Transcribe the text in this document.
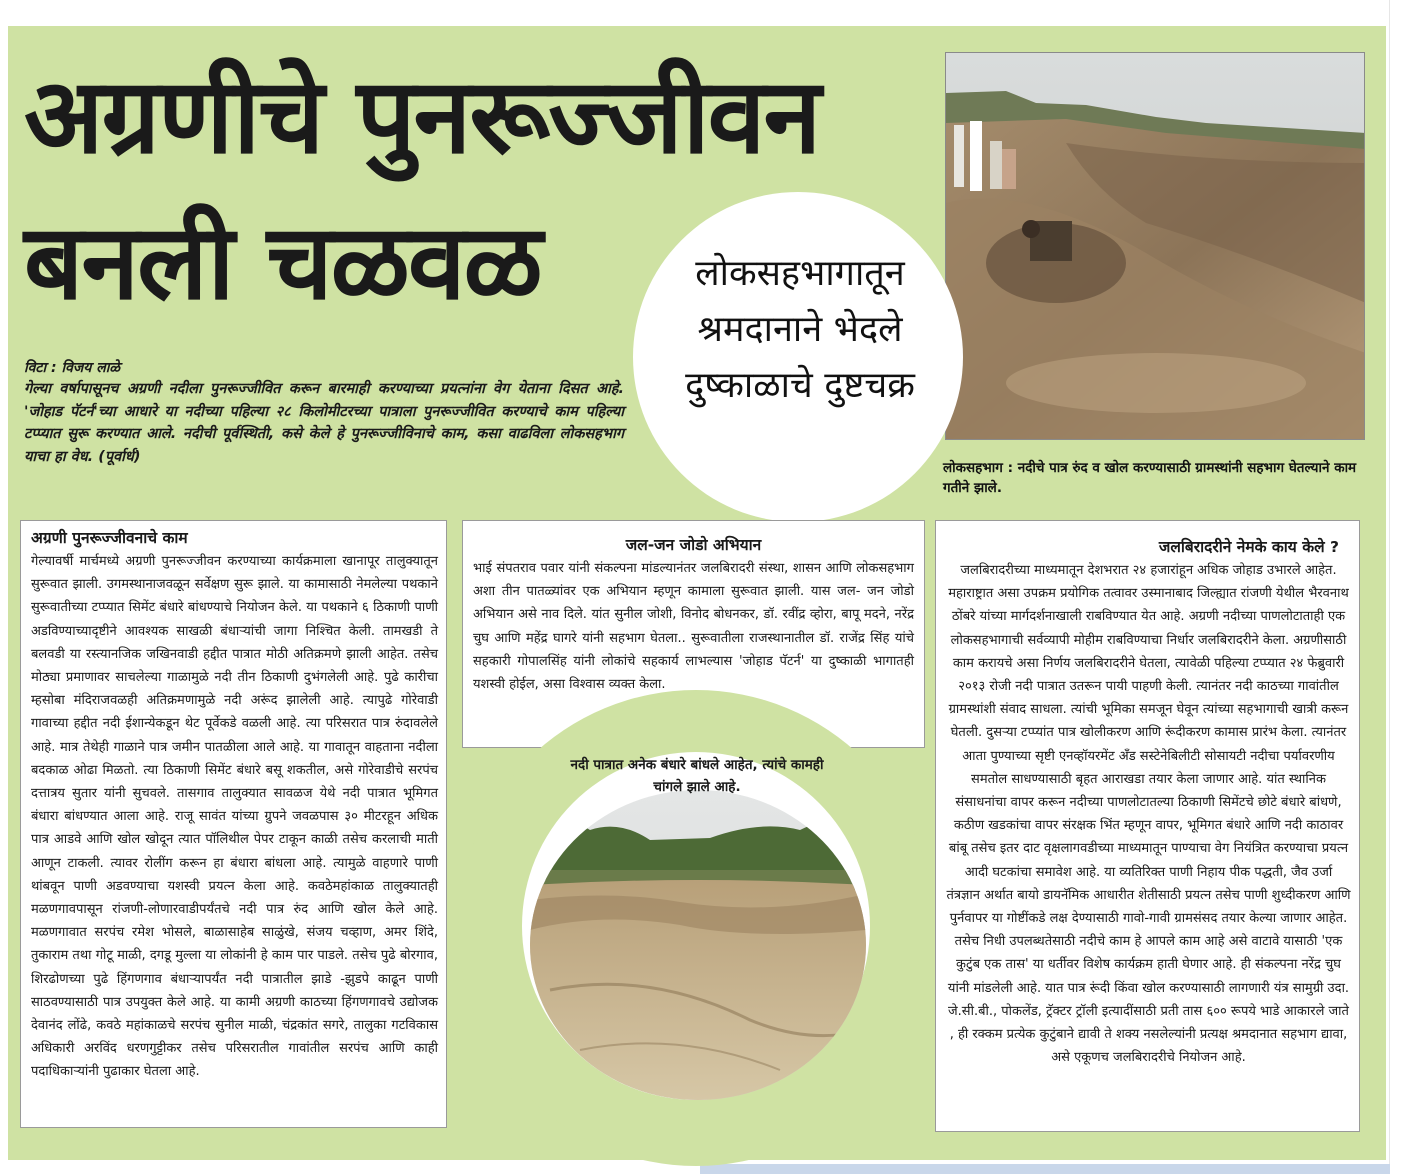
अग्रणीचे पुनरूज्जीवन
बनली चळवळ
लोकसहभाग : नदीचे पात्र रुंद व खोल करण्यासाठी ग्रामस्थांनी सहभाग घेतल्याने काम गतीने झाले.
लोकसहभागातून
श्रमदानाने भेदले
दुष्काळाचे दुष्टचक्र
विटा : विजय लाळे
गेल्या वर्षापासूनच अग्रणी नदीला पुनरूज्जीवित करून बारमाही करण्याच्या प्रयत्नांना वेग येताना दिसत आहे. 'जोहाड पॅटर्न'च्या आधारे या नदीच्या पहिल्या २८ किलोमीटरच्या पात्राला पुनरूज्जीवित करण्याचे काम पहिल्या टप्प्यात सुरू करण्यात आले. नदीची पूर्वस्थिती, कसे केले हे पुनरूज्जीविनाचे काम, कसा वाढविला लोकसहभाग याचा हा वेध. (पूर्वार्ध)
अग्रणी पुनरूज्जीवनाचे काम
गेल्यावर्षी मार्चमध्ये अग्रणी पुनरूज्जीवन करण्याच्या कार्यक्रमाला खानापूर तालुक्यातून सुरूवात झाली. उगमस्थानाजवळून सर्वेक्षण सुरू झाले. या कामासाठी नेमलेल्या पथकाने सुरूवातीच्या टप्प्यात सिमेंट बंधारे बांधण्याचे नियोजन केले. या पथकाने ६ ठिकाणी पाणी अडविण्याच्यादृष्टीने आवश्यक साखळी बंधाऱ्यांची जागा निश्चित केली. तामखडी ते बलवडी या रस्त्यानजिक जखिनवाडी हद्दीत पात्रात मोठी अतिक्रमणे झाली आहेत. तसेच मोठ्या प्रमाणावर साचलेल्या गाळामुळे नदी तीन ठिकाणी दुभंगलेली आहे. पुढे कारीचा म्हसोबा मंदिराजवळही अतिक्रमणामुळे नदी अरूंद झालेली आहे. त्यापुढे गोरेवाडी गावाच्या हद्दीत नदी ईशान्येकडून थेट पूर्वेकडे वळली आहे. त्या परिसरात पात्र रुंदावलेले आहे. मात्र तेथेही गाळाने पात्र जमीन पातळीला आले आहे. या गावातून वाहताना नदीला बदकाळ ओढा मिळतो. त्या ठिकाणी सिमेंट बंधारे बसू शकतील, असे गोरेवाडीचे सरपंच दत्तात्रय सुतार यांनी सुचवले. तासगाव तालुक्यात सावळज येथे नदी पात्रात भूमिगत बंधारा बांधण्यात आला आहे. राजू सावंत यांच्या ग्रुपने जवळपास ३० मीटरहून अधिक पात्र आडवे आणि खोल खोदून त्यात पॉलिथील पेपर टाकून काळी तसेच करलाची माती आणून टाकली. त्यावर रोलींग करून हा बंधारा बांधला आहे. त्यामुळे वाहणारे पाणी थांबवून पाणी अडवण्याचा यशस्वी प्रयत्न केला आहे. कवठेमहांकाळ तालुक्यातही मळणगावपासून रांजणी-लोणारवाडीपर्यंतचे नदी पात्र रुंद आणि खोल केले आहे. मळणगावात सरपंच रमेश भोसले, बाळासाहेब साळुंखे, संजय चव्हाण, अमर शिंदे, तुकाराम तथा गोटू माळी, दगडू मुल्ला या लोकांनी हे काम पार पाडले. तसेच पुढे बोरगाव, शिरढोणच्या पुढे हिंगणगाव बंधाऱ्यापर्यंत नदी पात्रातील झाडे -झुडपे काढून पाणी साठवण्यासाठी पात्र उपयुक्त केले आहे. या कामी अग्रणी काठच्या हिंगणगावचे उद्योजक देवानंद लोंढे, कवठे महांकाळचे सरपंच सुनील माळी, चंद्रकांत सगरे, तालुका गटविकास अधिकारी अरविंद धरणगुट्टीकर तसेच परिसरातील गावांतील सरपंच आणि काही पदाधिकाऱ्यांनी पुढाकार घेतला आहे.
जल-जन जोडो अभियान
भाई संपतराव पवार यांनी संकल्पना मांडल्यानंतर जलबिरादरी संस्था, शासन आणि लोकसहभाग अशा तीन पातळ्यांवर एक अभियान म्हणून कामाला सुरूवात झाली. यास जल- जन जोडो अभियान असे नाव दिले. यांत सुनील जोशी, विनोद बोधनकर, डॉ. रवींद्र व्होरा, बापू मदने, नरेंद्र चुघ आणि महेंद्र घागरे यांनी सहभाग घेतला.. सुरूवातीला राजस्थानातील डॉ. राजेंद्र सिंह यांचे सहकारी गोपालसिंह यांनी लोकांचे सहकार्य लाभल्यास 'जोहाड पॅटर्न' या दुष्काळी भागातही यशस्वी होईल, असा विश्वास व्यक्त केला.
जलबिरादरीने नेमके काय केले ?
जलबिरादरीच्या माध्यमातून देशभरात २४ हजारांहून अधिक जोहाड उभारले आहेत. महाराष्ट्रात असा उपक्रम प्रयोगिक तत्वावर उस्मानाबाद जिल्ह्यात रांजणी येथील भैरवनाथ ठोंबरे यांच्या मार्गदर्शनाखाली राबविण्यात येत आहे. अग्रणी नदीच्या पाणलोटाताही एक लोकसहभागाची सर्वव्यापी मोहीम राबविण्याचा निर्धार जलबिरादरीने केला. अग्रणीसाठी काम करायचे असा निर्णय जलबिरादरीने घेतला, त्यावेळी पहिल्या टप्प्यात २४ फेब्रुवारी २०१३ रोजी नदी पात्रात उतरून पायी पाहणी केली. त्यानंतर नदी काठच्या गावांतील ग्रामस्थांशी संवाद साधला. त्यांची भूमिका समजून घेवून त्यांच्या सहभागाची खात्री करून घेतली. दुसऱ्या टप्प्यांत पात्र खोलीकरण आणि रूंदीकरण कामास प्रारंभ केला. त्यानंतर आता पुण्याच्या सृष्टी एनव्हॉयरमेंट अँड सस्टेनेबिलीटी सोसायटी नदीचा पर्यावरणीय समतोल साधण्यासाठी बृहत आराखडा तयार केला जाणार आहे. यांत स्थानिक संसाधनांचा वापर करून नदीच्या पाणलोटातल्या ठिकाणी सिमेंटचे छोटे बंधारे बांधणे, कठीण खडकांचा वापर संरक्षक भिंत म्हणून वापर, भूमिगत बंधारे आणि नदी काठावर बांबू तसेच इतर दाट वृक्षलागवडीच्या माध्यमातून पाण्याचा वेग नियंत्रित करण्याचा प्रयत्न आदी घटकांचा समावेश आहे. या व्यतिरिक्त पाणी निहाय पीक पद्धती, जैव उर्जा तंत्रज्ञान अर्थात बायो डायनॅमिक आधारीत शेतीसाठी प्रयत्न तसेच पाणी शुध्दीकरण आणि पुर्नवापर या गोष्टींकडे लक्ष देण्यासाठी गावो-गावी ग्रामसंसद तयार केल्या जाणार आहेत. तसेच निधी उपलब्धतेसाठी नदीचे काम हे आपले काम आहे असे वाटावे यासाठी 'एक कुटुंब एक तास' या धर्तीवर विशेष कार्यक्रम हाती घेणार आहे. ही संकल्पना नरेंद्र चुघ यांनी मांडलेली आहे. यात पात्र रूंदी किंवा खोल करण्यासाठी लागणारी यंत्र सामुग्री उदा. जे.सी.बी., पोकलेंड, ट्रॅक्टर ट्रॉली इत्यादींसाठी प्रती तास ६०० रूपये भाडे आकारले जाते , ही रक्कम प्रत्येक कुटुंबाने द्यावी ते शक्य नसलेल्यांनी प्रत्यक्ष श्रमदानात सहभाग द्यावा, असे एकूणच जलबिरादरीचे नियोजन आहे.
नदी पात्रात अनेक बंधारे बांधले आहेत, त्यांचे कामही चांगले झाले आहे.
